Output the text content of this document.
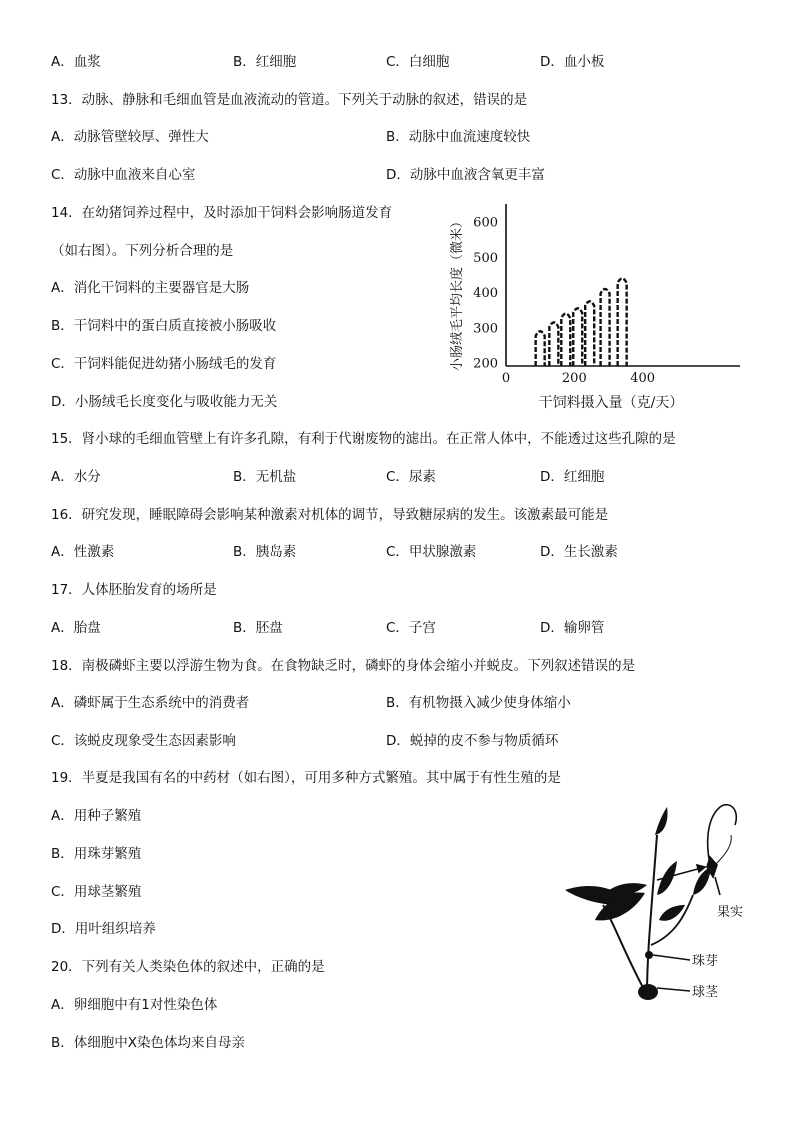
A．血浆	B．红细胞	C．白细胞	D．血小板
13．动脉、静脉和毛细血管是血液流动的管道。下列关于动脉的叙述，错误的是
A．动脉管壁较厚、弹性大	B．动脉中血流速度较快
C．动脉中血液来自心室	D．动脉中血液含氧更丰富
14．在幼猪饲养过程中，及时添加干饲料会影响肠道发育
（如右图）。下列分析合理的是
A．消化干饲料的主要器官是大肠
B．干饲料中的蛋白质直接被小肠吸收
C．干饲料能促进幼猪小肠绒毛的发育
D．小肠绒毛长度变化与吸收能力无关
200
300
400
500
600
0	200	400
干饲料摄入量（克/天）
小肠绒毛平均长度（微米）
15．肾小球的毛细血管壁上有许多孔隙，有利于代谢废物的滤出。在正常人体中，不能透过这些孔隙的是
A．水分	B．无机盐	C．尿素	D．红细胞
16．研究发现，睡眠障碍会影响某种激素对机体的调节，导致糖尿病的发生。该激素最可能是
A．性激素	B．胰岛素	C．甲状腺激素	D．生长激素
17．人体胚胎发育的场所是
A．胎盘	B．胚盘	C．子宫	D．输卵管
18．南极磷虾主要以浮游生物为食。在食物缺乏时，磷虾的身体会缩小并蜕皮。下列叙述错误的是
A．磷虾属于生态系统中的消费者	B．有机物摄入减少使身体缩小
C．该蜕皮现象受生态因素影响	D．蜕掉的皮不参与物质循环
19．半夏是我国有名的中药材（如右图），可用多种方式繁殖。其中属于有性生殖的是
A．用种子繁殖
B．用珠芽繁殖
C．用球茎繁殖
D．用叶组织培养
果实
珠芽
球茎
20．下列有关人类染色体的叙述中，正确的是
A．卵细胞中有1对性染色体
B．体细胞中X染色体均来自母亲
